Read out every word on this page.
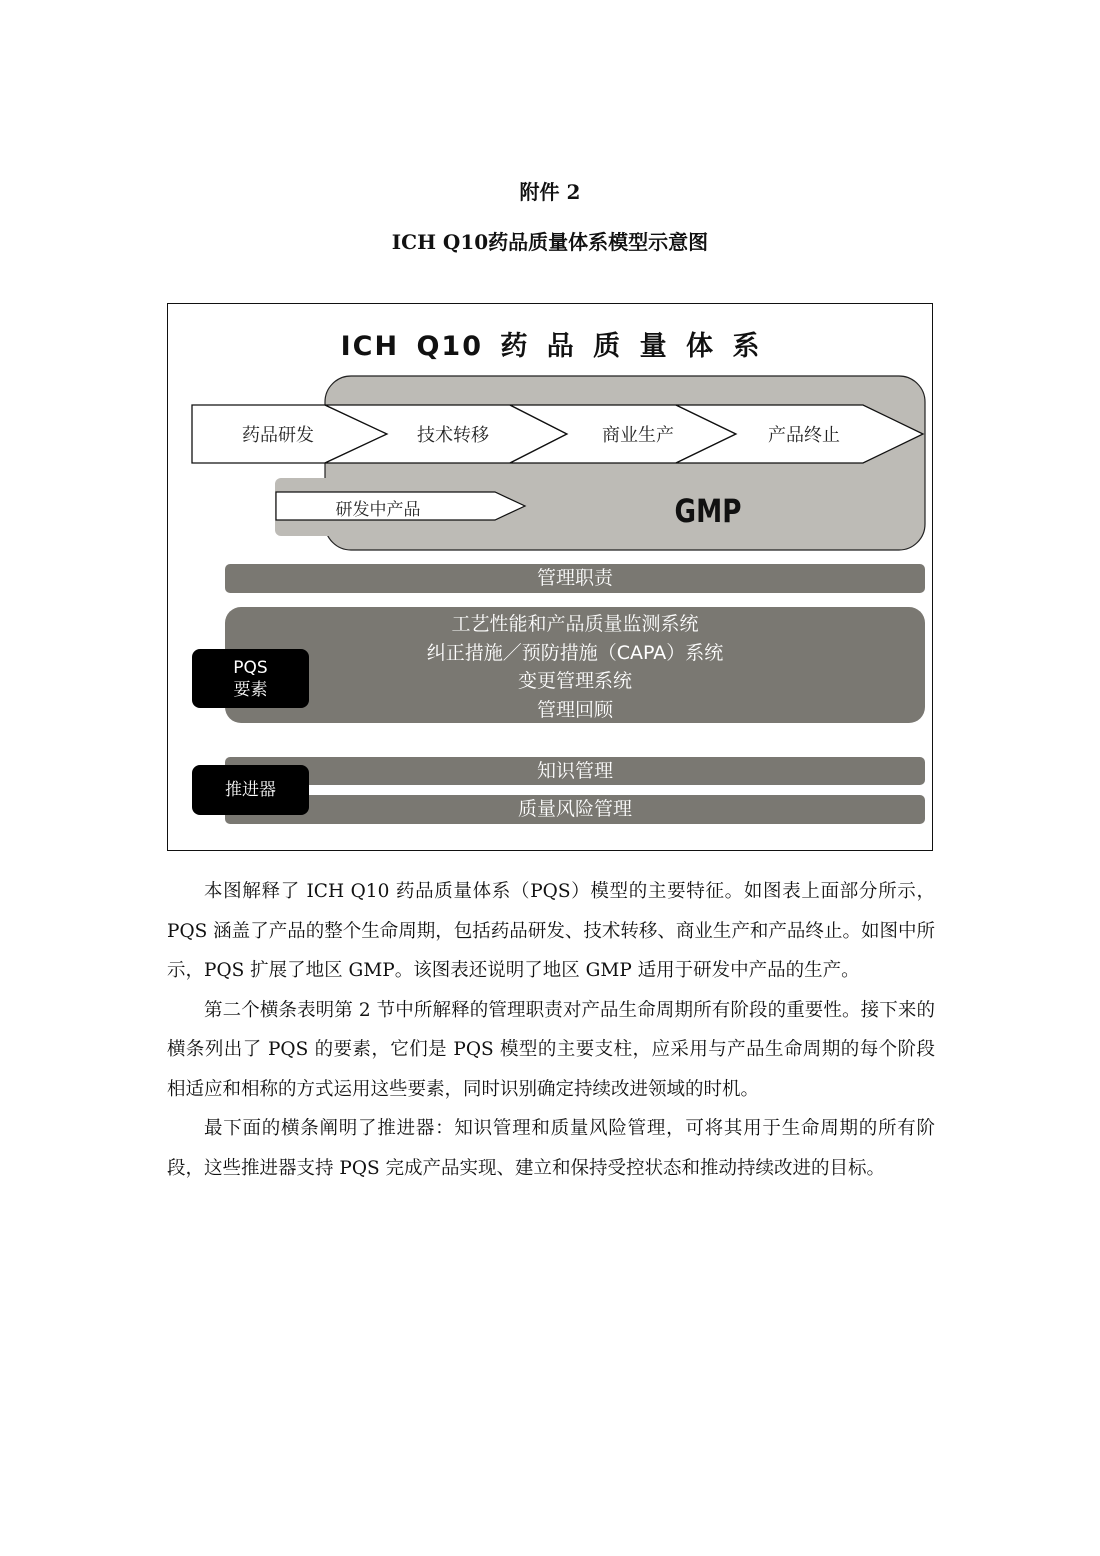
附件 2
ICH Q10药品质量体系模型示意图
ICH Q10 药 品 质 量 体 系
药品研发	技术转移	商业生产	产品终止
研发中产品	GMP
管理职责
工艺性能和产品质量监测系统
纠正措施／预防措施（CAPA）系统
变更管理系统
管理回顾
知识管理
质量风险管理
PQS
要素
推进器

本图解释了 ICH Q10 药品质量体系（PQS）模型的主要特征。如图表上面部分所示，PQS 涵盖了产品的整个生命周期，包括药品研发、技术转移、商业生产和产品终止。如图中所示，PQS 扩展了地区 GMP。该图表还说明了地区 GMP 适用于研发中产品的生产。

第二个横条表明第 2 节中所解释的管理职责对产品生命周期所有阶段的重要性。接下来的横条列出了 PQS 的要素，它们是 PQS 模型的主要支柱，应采用与产品生命周期的每个阶段相适应和相称的方式运用这些要素，同时识别确定持续改进领域的时机。

最下面的横条阐明了推进器：知识管理和质量风险管理，可将其用于生命周期的所有阶段，这些推进器支持 PQS 完成产品实现、建立和保持受控状态和推动持续改进的目标。
